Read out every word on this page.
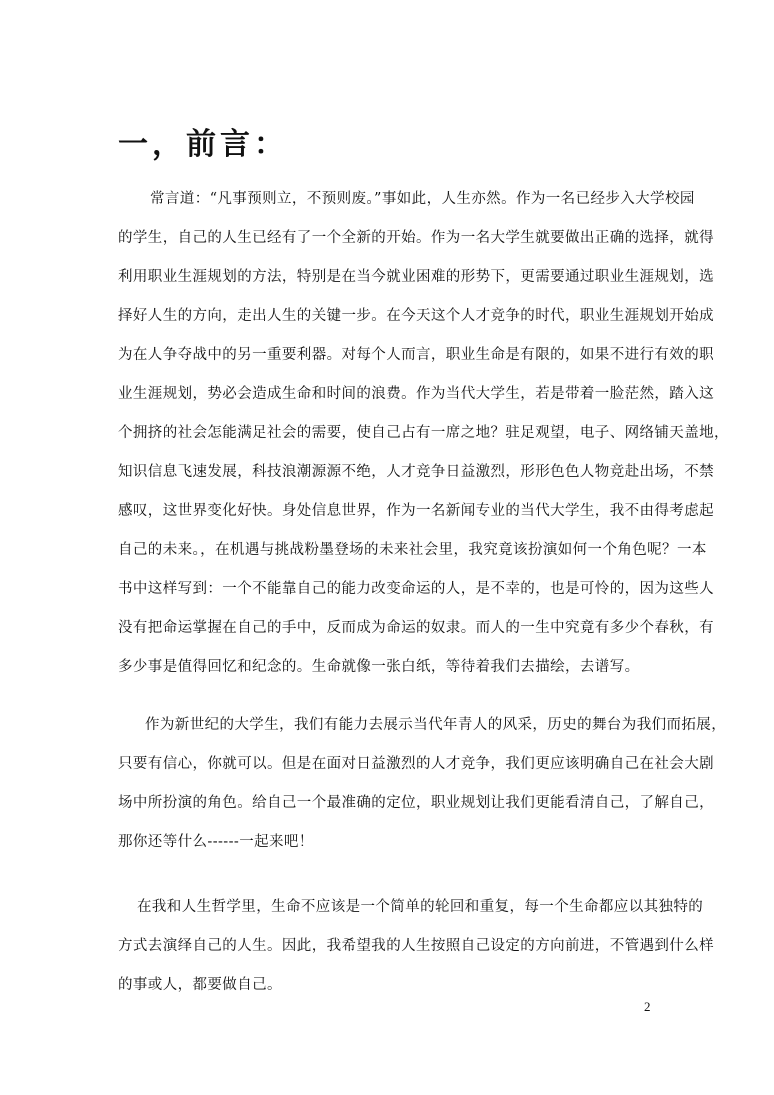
一，前言：
常言道：“凡事预则立，不预则废。”事如此，人生亦然。作为一名已经步入大学校园
的学生，自己的人生已经有了一个全新的开始。作为一名大学生就要做出正确的选择，就得
利用职业生涯规划的方法，特别是在当今就业困难的形势下，更需要通过职业生涯规划，选
择好人生的方向，走出人生的关键一步。在今天这个人才竞争的时代，职业生涯规划开始成
为在人争夺战中的另一重要利器。对每个人而言，职业生命是有限的，如果不进行有效的职
业生涯规划，势必会造成生命和时间的浪费。作为当代大学生，若是带着一脸茫然，踏入这
个拥挤的社会怎能满足社会的需要，使自己占有一席之地？驻足观望，电子、网络铺天盖地，
知识信息飞速发展，科技浪潮源源不绝，人才竞争日益激烈，形形色色人物竞赴出场，不禁
感叹，这世界变化好快。身处信息世界，作为一名新闻专业的当代大学生，我不由得考虑起
自己的未来。，在机遇与挑战粉墨登场的未来社会里，我究竟该扮演如何一个角色呢？一本
书中这样写到：一个不能靠自己的能力改变命运的人，是不幸的，也是可怜的，因为这些人
没有把命运掌握在自己的手中，反而成为命运的奴隶。而人的一生中究竟有多少个春秋，有
多少事是值得回忆和纪念的。生命就像一张白纸，等待着我们去描绘，去谱写。
作为新世纪的大学生，我们有能力去展示当代年青人的风采，历史的舞台为我们而拓展，
只要有信心，你就可以。但是在面对日益激烈的人才竞争，我们更应该明确自己在社会大剧
场中所扮演的角色。给自己一个最准确的定位，职业规划让我们更能看清自己，了解自己，
那你还等什么------一起来吧！
在我和人生哲学里，生命不应该是一个简单的轮回和重复，每一个生命都应以其独特的
方式去演绎自己的人生。因此，我希望我的人生按照自己设定的方向前进，不管遇到什么样
的事或人，都要做自己。
2
